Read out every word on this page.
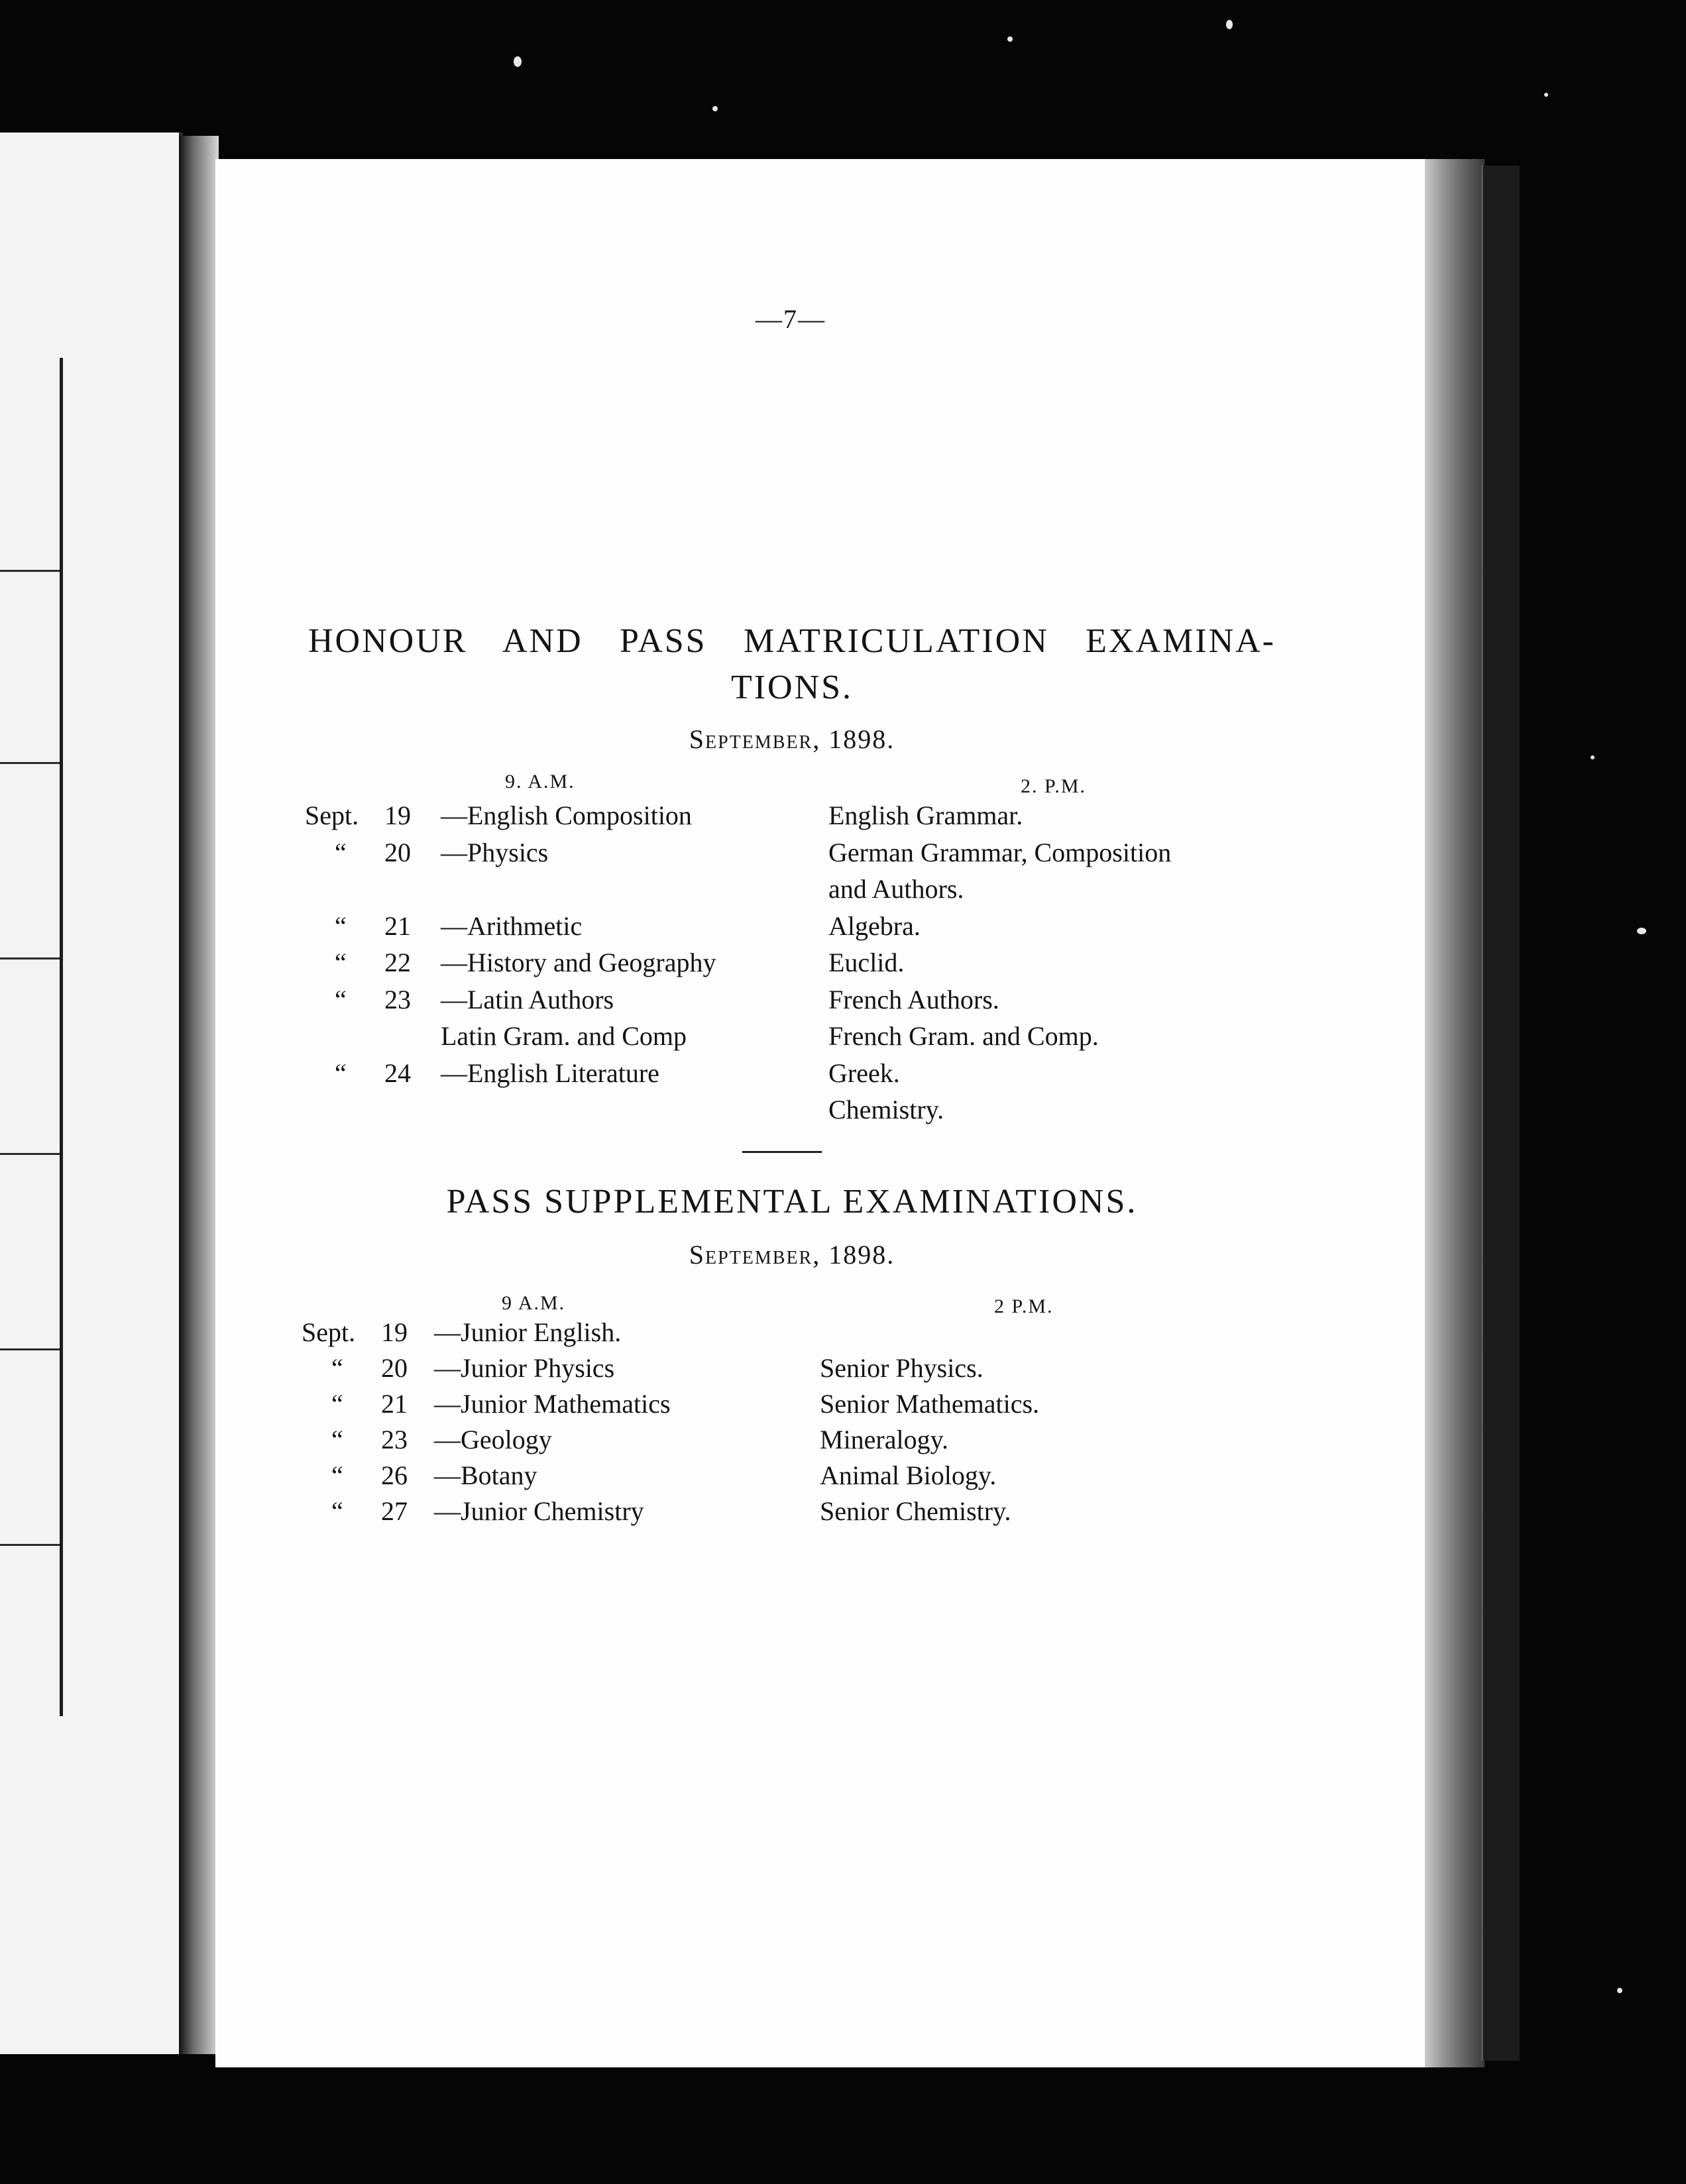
—7—
HONOUR AND PASS MATRICULATION EXAMINA-
TIONS.
September, 1898.
9. A.M.	2. P.M.
Sept. 19 —English Composition	English Grammar.
“	20 —Physics	German Grammar, Composition
and Authors.
“	21 —Arithmetic	Algebra.
“	22 —History and Geography	Euclid.
“	23 —Latin Authors	French Authors.
Latin Gram. and Comp	French Gram. and Comp.
“	24 —English Literature	Greek.
Chemistry.
PASS SUPPLEMENTAL EXAMINATIONS.
September, 1898.
9 A.M.	2 P.M.
Sept. 19 —Junior English.
“	20 —Junior Physics	Senior Physics.
“	21 —Junior Mathematics	Senior Mathematics.
“	23 —Geology	Mineralogy.
“	26 —Botany	Animal Biology.
“	27 —Junior Chemistry	Senior Chemistry.
